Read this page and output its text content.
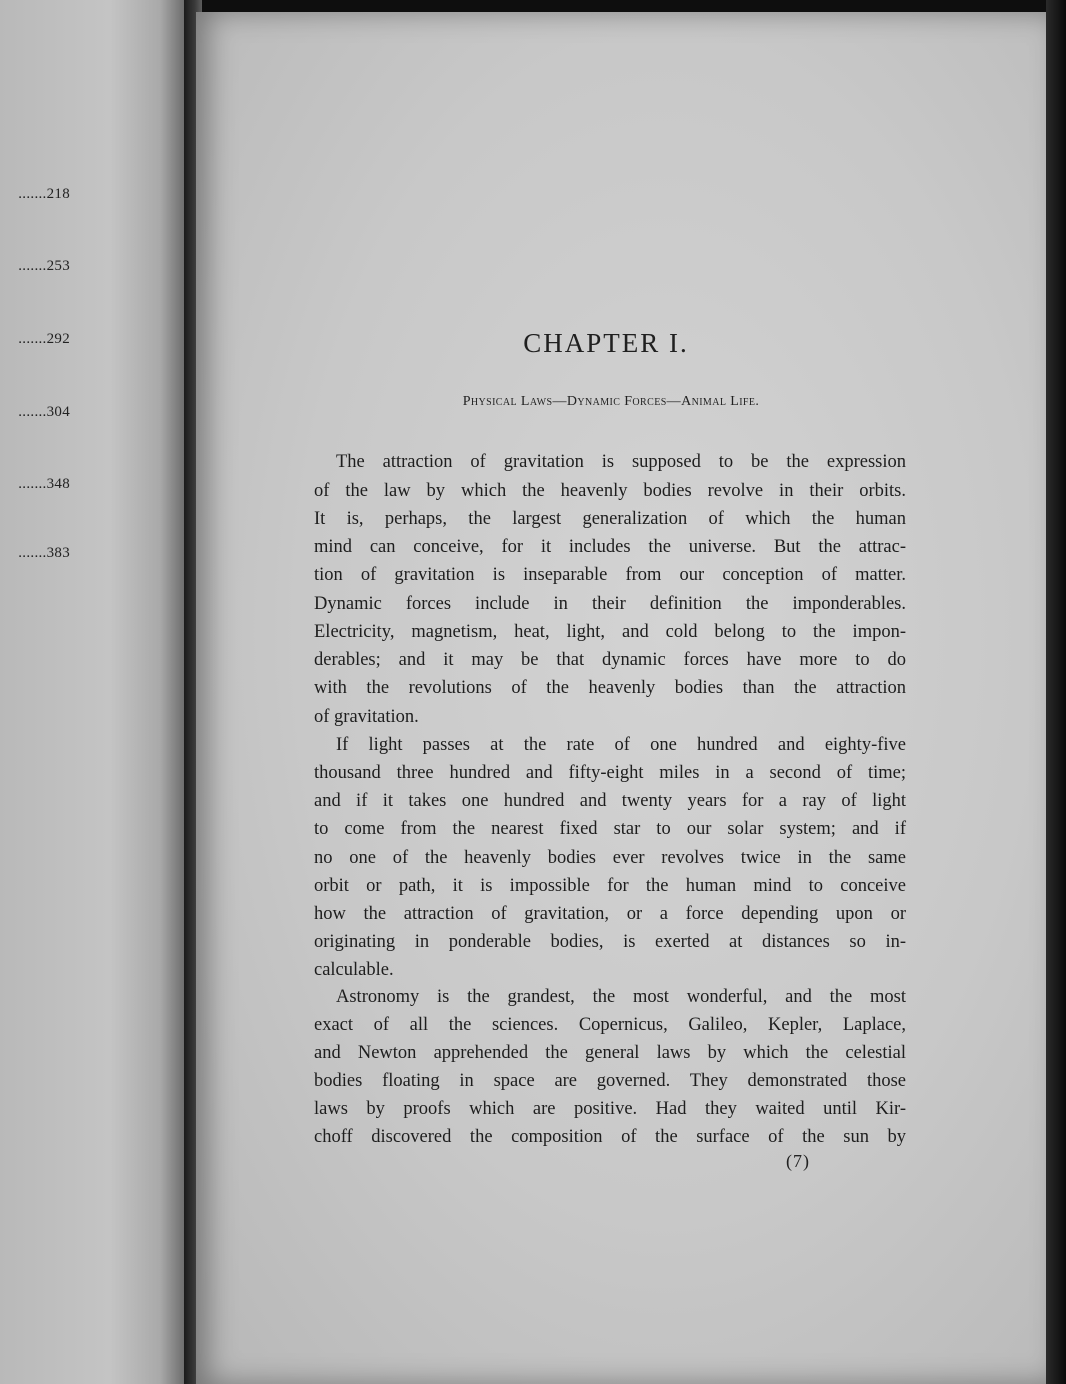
.......218
.......253
.......292
.......304
.......348
.......383
CHAPTER I.
Physical Laws—Dynamic Forces—Animal Life.
The attraction of gravitation is supposed to be the expression
of the law by which the heavenly bodies revolve in their orbits.
It is, perhaps, the largest generalization of which the human
mind can conceive, for it includes the universe. But the attrac-
tion of gravitation is inseparable from our conception of matter.
Dynamic forces include in their definition the imponderables.
Electricity, magnetism, heat, light, and cold belong to the impon-
derables; and it may be that dynamic forces have more to do
with the revolutions of the heavenly bodies than the attraction
of gravitation.
If light passes at the rate of one hundred and eighty-five
thousand three hundred and fifty-eight miles in a second of time;
and if it takes one hundred and twenty years for a ray of light
to come from the nearest fixed star to our solar system; and if
no one of the heavenly bodies ever revolves twice in the same
orbit or path, it is impossible for the human mind to conceive
how the attraction of gravitation, or a force depending upon or
originating in ponderable bodies, is exerted at distances so in-
calculable.
Astronomy is the grandest, the most wonderful, and the most
exact of all the sciences. Copernicus, Galileo, Kepler, Laplace,
and Newton apprehended the general laws by which the celestial
bodies floating in space are governed. They demonstrated those
laws by proofs which are positive. Had they waited until Kir-
choff discovered the composition of the surface of the sun by
(7)
